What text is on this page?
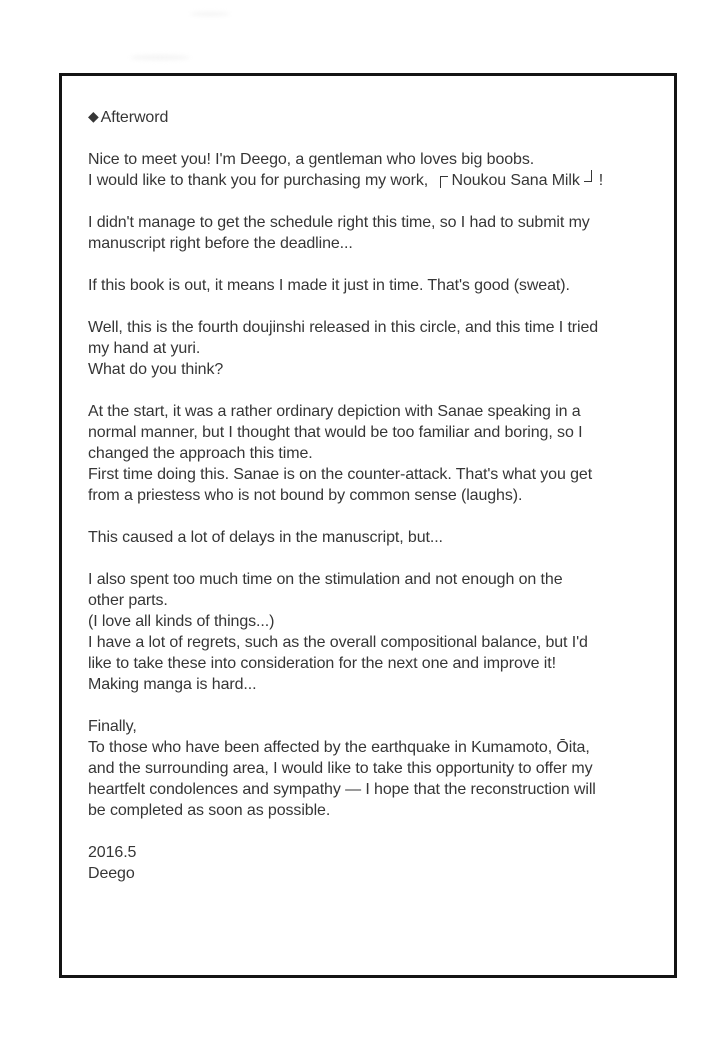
◆ Afterword
Nice to meet you! I'm Deego, a gentleman who loves big boobs.
I would like to thank you for purchasing my work, Noukou Sana Milk !
I didn't manage to get the schedule right this time, so I had to submit my
manuscript right before the deadline...
If this book is out, it means I made it just in time. That's good (sweat).
Well, this is the fourth doujinshi released in this circle, and this time I tried
my hand at yuri.
What do you think?
At the start, it was a rather ordinary depiction with Sanae speaking in a
normal manner, but I thought that would be too familiar and boring, so I
changed the approach this time.
First time doing this. Sanae is on the counter-attack. That's what you get
from a priestess who is not bound by common sense (laughs).
This caused a lot of delays in the manuscript, but...
I also spent too much time on the stimulation and not enough on the
other parts.
(I love all kinds of things...)
I have a lot of regrets, such as the overall compositional balance, but I'd
like to take these into consideration for the next one and improve it!
Making manga is hard...
Finally,
To those who have been affected by the earthquake in Kumamoto, Ōita,
and the surrounding area, I would like to take this opportunity to offer my
heartfelt condolences and sympathy — I hope that the reconstruction will
be completed as soon as possible.
2016.5
Deego
